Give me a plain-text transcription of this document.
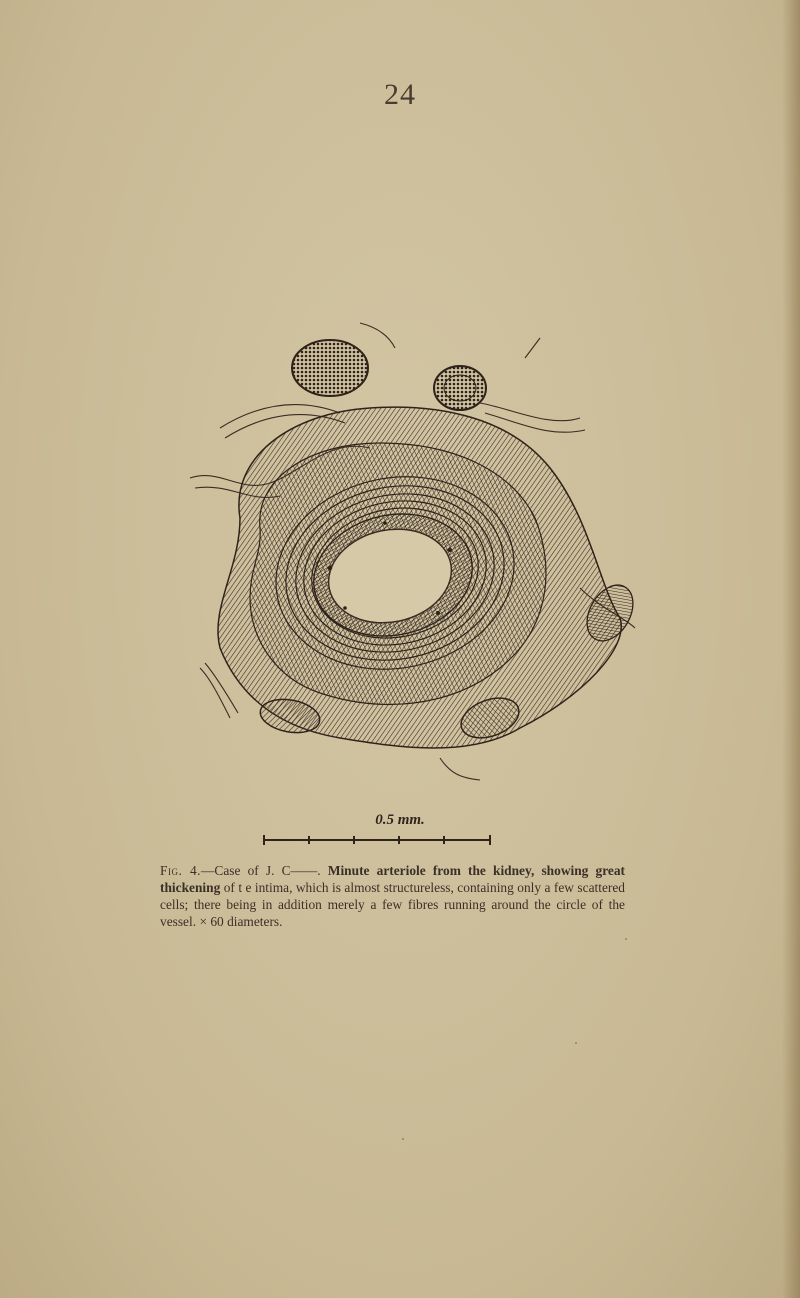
24
0.5 mm.
Fig. 4.—Case of J. C——. Minute arteriole from the kidney, showing great thickening of t e intima, which is almost structureless, containing only a few scattered cells; there being in addition merely a few fibres running around the circle of the vessel. × 60 diameters.
